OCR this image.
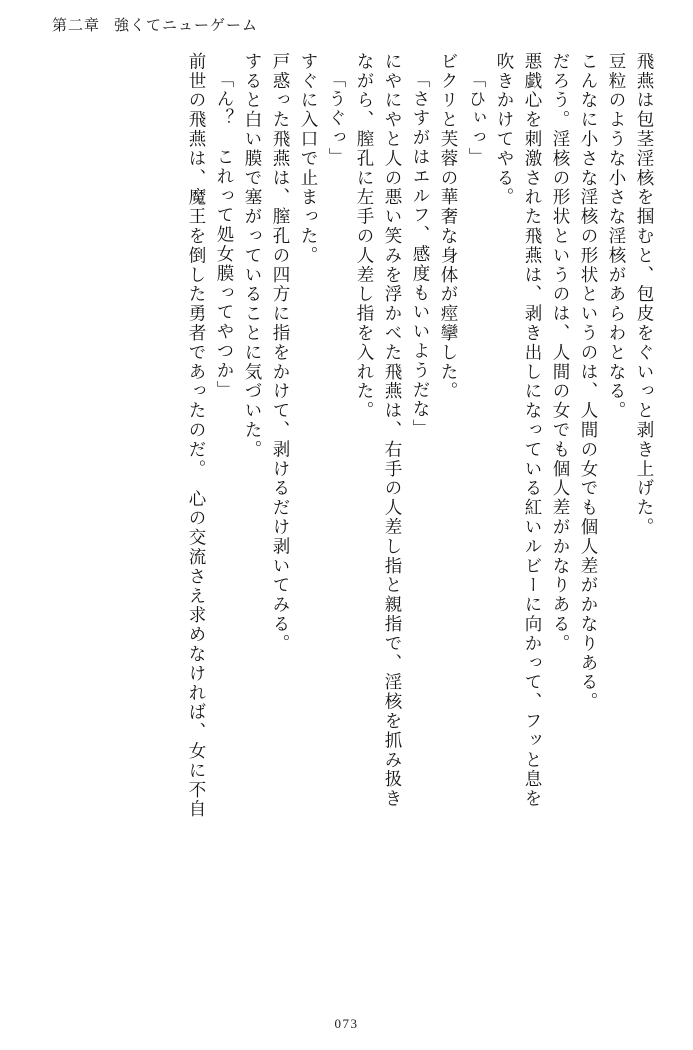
第二章 強くてニューゲーム
飛燕は包茎淫核を掴むと、包皮をぐいっと剥き上げた。
豆粒のような小さな淫核があらわとなる。
こんなに小さな淫核の形状というのは、人間の女でも個人差がかなりある。
だろう。淫核の形状というのは、人間の女でも個人差がかなりある。
悪戯心を刺激された飛燕は、剥き出しになっている紅いルビーに向かって、フッと息を
吹きかけてやる。
「ひぃっ」
ビクリと芙蓉の華奢な身体が痙攣した。
「さすがはエルフ、感度もいいようだな」
にやにやと人の悪い笑みを浮かべた飛燕は、右手の人差し指と親指で、淫核を抓み扱き
ながら、膣孔に左手の人差し指を入れた。
「うぐっ」
すぐに入口で止まった。
戸惑った飛燕は、膣孔の四方に指をかけて、剥けるだけ剥いてみる。
すると白い膜で塞がっていることに気づいた。
「ん？　これって処女膜ってやつか」
前世の飛燕は、魔王を倒した勇者であったのだ。　心の交流さえ求めなければ、女に不自
073
